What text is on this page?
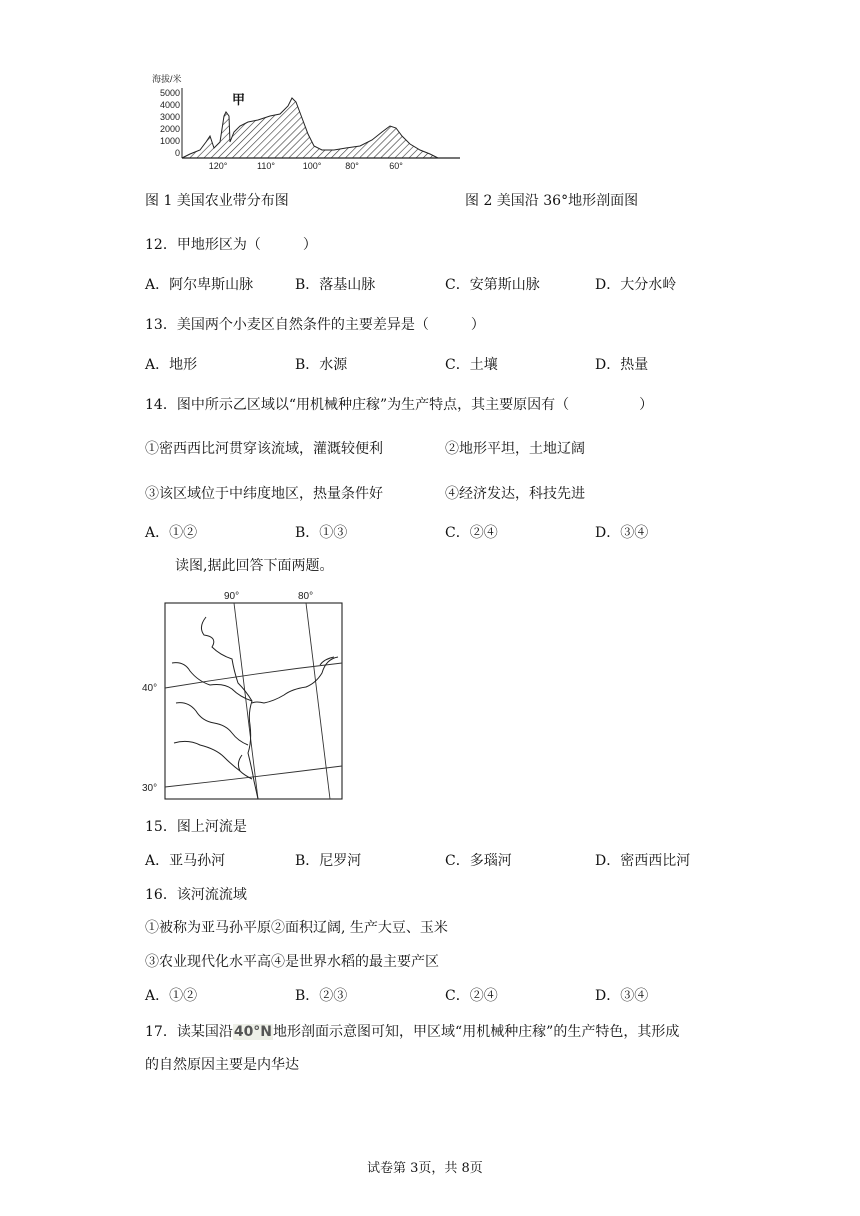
海拔/米
5000
4000
3000
2000
1000
0
甲
120°	110°	100°	80°	60°
图 1 美国农业带分布图	图 2 美国沿 36°地形剖面图
12．甲地形区为（　　　）
A．阿尔卑斯山脉	B．落基山脉	C．安第斯山脉	D．大分水岭
13．美国两个小麦区自然条件的主要差异是（　　　）
A．地形	B．水源	C．土壤	D．热量
14．图中所示乙区域以“用机械种庄稼”为生产特点，其主要原因有（　　　　　）
①密西西比河贯穿该流域，灌溉较便利	②地形平坦，土地辽阔
③该区域位于中纬度地区，热量条件好	④经济发达，科技先进
A．①②	B．①③	C．②④	D．③④
读图,据此回答下面两题。
90°	80°
40°
30°
15．图上河流是
A．亚马孙河	B．尼罗河	C．多瑙河	D．密西西比河
16．该河流流域
①被称为亚马孙平原②面积辽阔, 生产大豆、玉米
③农业现代化水平高④是世界水稻的最主要产区
A．①②	B．②③	C．②④	D．③④
17．读某国沿40°N地形剖面示意图可知，甲区域“用机械种庄稼”的生产特色，其形成
的自然原因主要是内华达
试卷第 3页，共 8页
